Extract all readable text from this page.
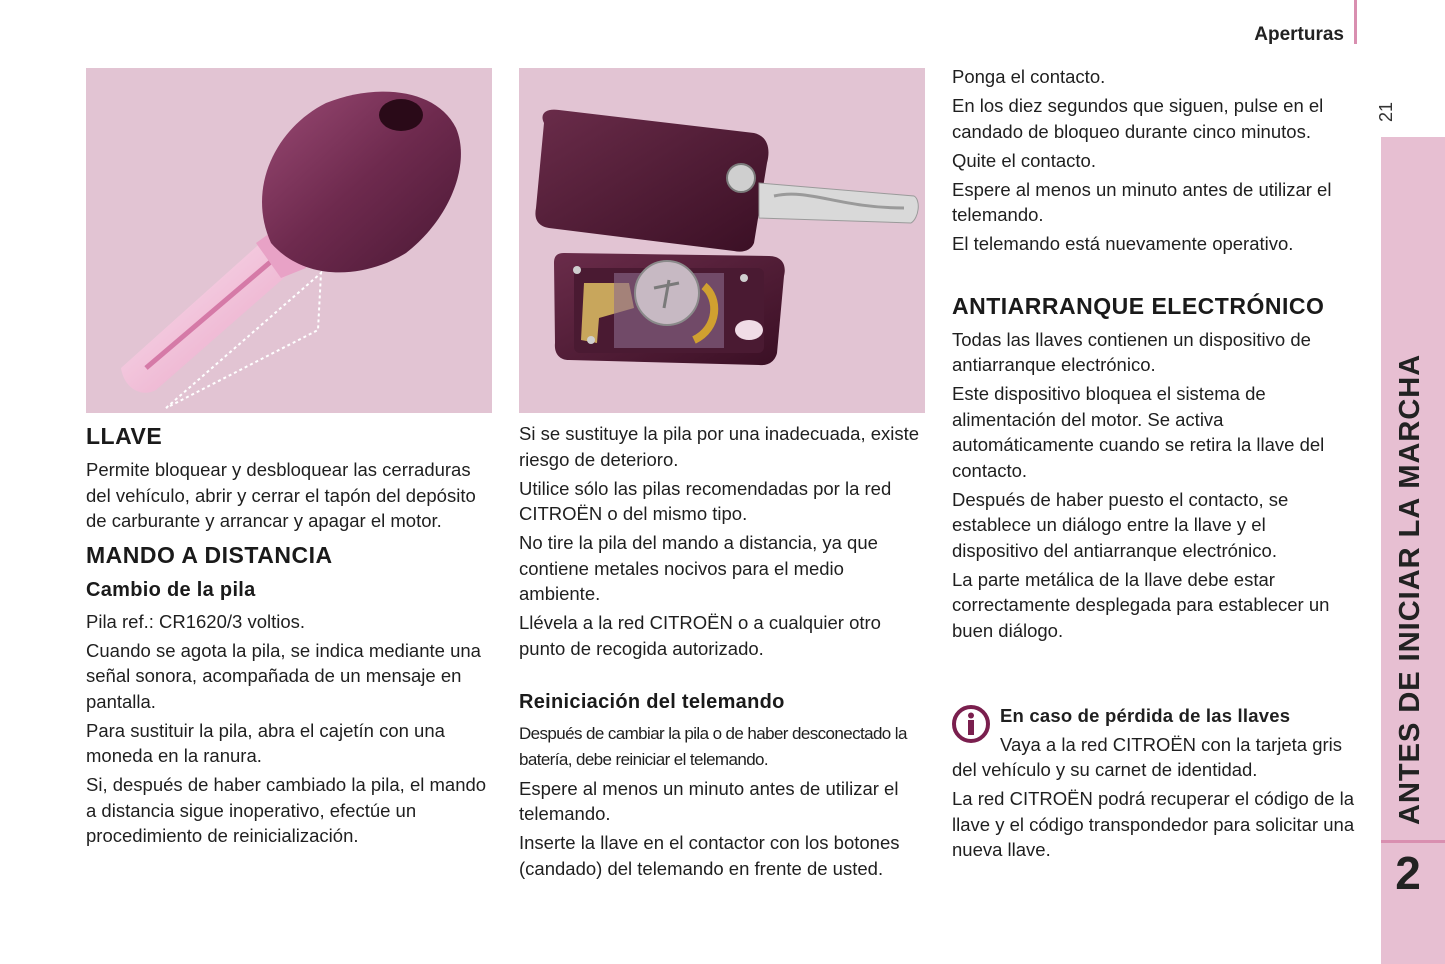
Aperturas
21
ANTES DE INICIAR LA MARCHA
2
LLAVE

Permite bloquear y desbloquear las cerraduras del vehículo, abrir y cerrar el tapón del depósito de carburante y arrancar y apagar el motor.

MANDO A DISTANCIA
Cambio de la pila

Pila ref.: CR1620/3 voltios.

Cuando se agota la pila, se indica mediante una señal sonora, acompañada de un mensaje en pantalla.

Para sustituir la pila, abra el cajetín con una moneda en la ranura.

Si, después de haber cambiado la pila, el mando a distancia sigue inoperativo, efectúe un procedimiento de reinicialización.

Si se sustituye la pila por una inadecuada, existe riesgo de deterioro.

Utilice sólo las pilas recomendadas por la red CITROËN o del mismo tipo.

No tire la pila del mando a distancia, ya que contiene metales nocivos para el medio ambiente.

Llévela a la red CITROËN o a cualquier otro punto de recogida autorizado.

Reiniciación del telemando

Después de cambiar la pila o de haber desconectado la batería, debe reiniciar el telemando.

Espere al menos un minuto antes de utilizar el telemando.

Inserte la llave en el contactor con los botones (candado) del telemando en frente de usted.

Ponga el contacto.

En los diez segundos que siguen, pulse en el candado de bloqueo durante cinco minutos.

Quite el contacto.

Espere al menos un minuto antes de utilizar el telemando.

El telemando está nuevamente operativo.

ANTIARRANQUE ELECTRÓNICO

Todas las llaves contienen un dispositivo de antiarranque electrónico.

Este dispositivo bloquea el sistema de alimentación del motor. Se activa automáticamente cuando se retira la llave del contacto.

Después de haber puesto el contacto, se establece un diálogo entre la llave y el dispositivo del antiarranque electrónico.

La parte metálica de la llave debe estar correctamente desplegada para establecer un buen diálogo.

En caso de pérdida de las llaves

Vaya a la red CITROËN con la tarjeta gris del vehículo y su carnet de identidad.

La red CITROËN podrá recuperar el código de la llave y el código transpondedor para solicitar una nueva llave.
